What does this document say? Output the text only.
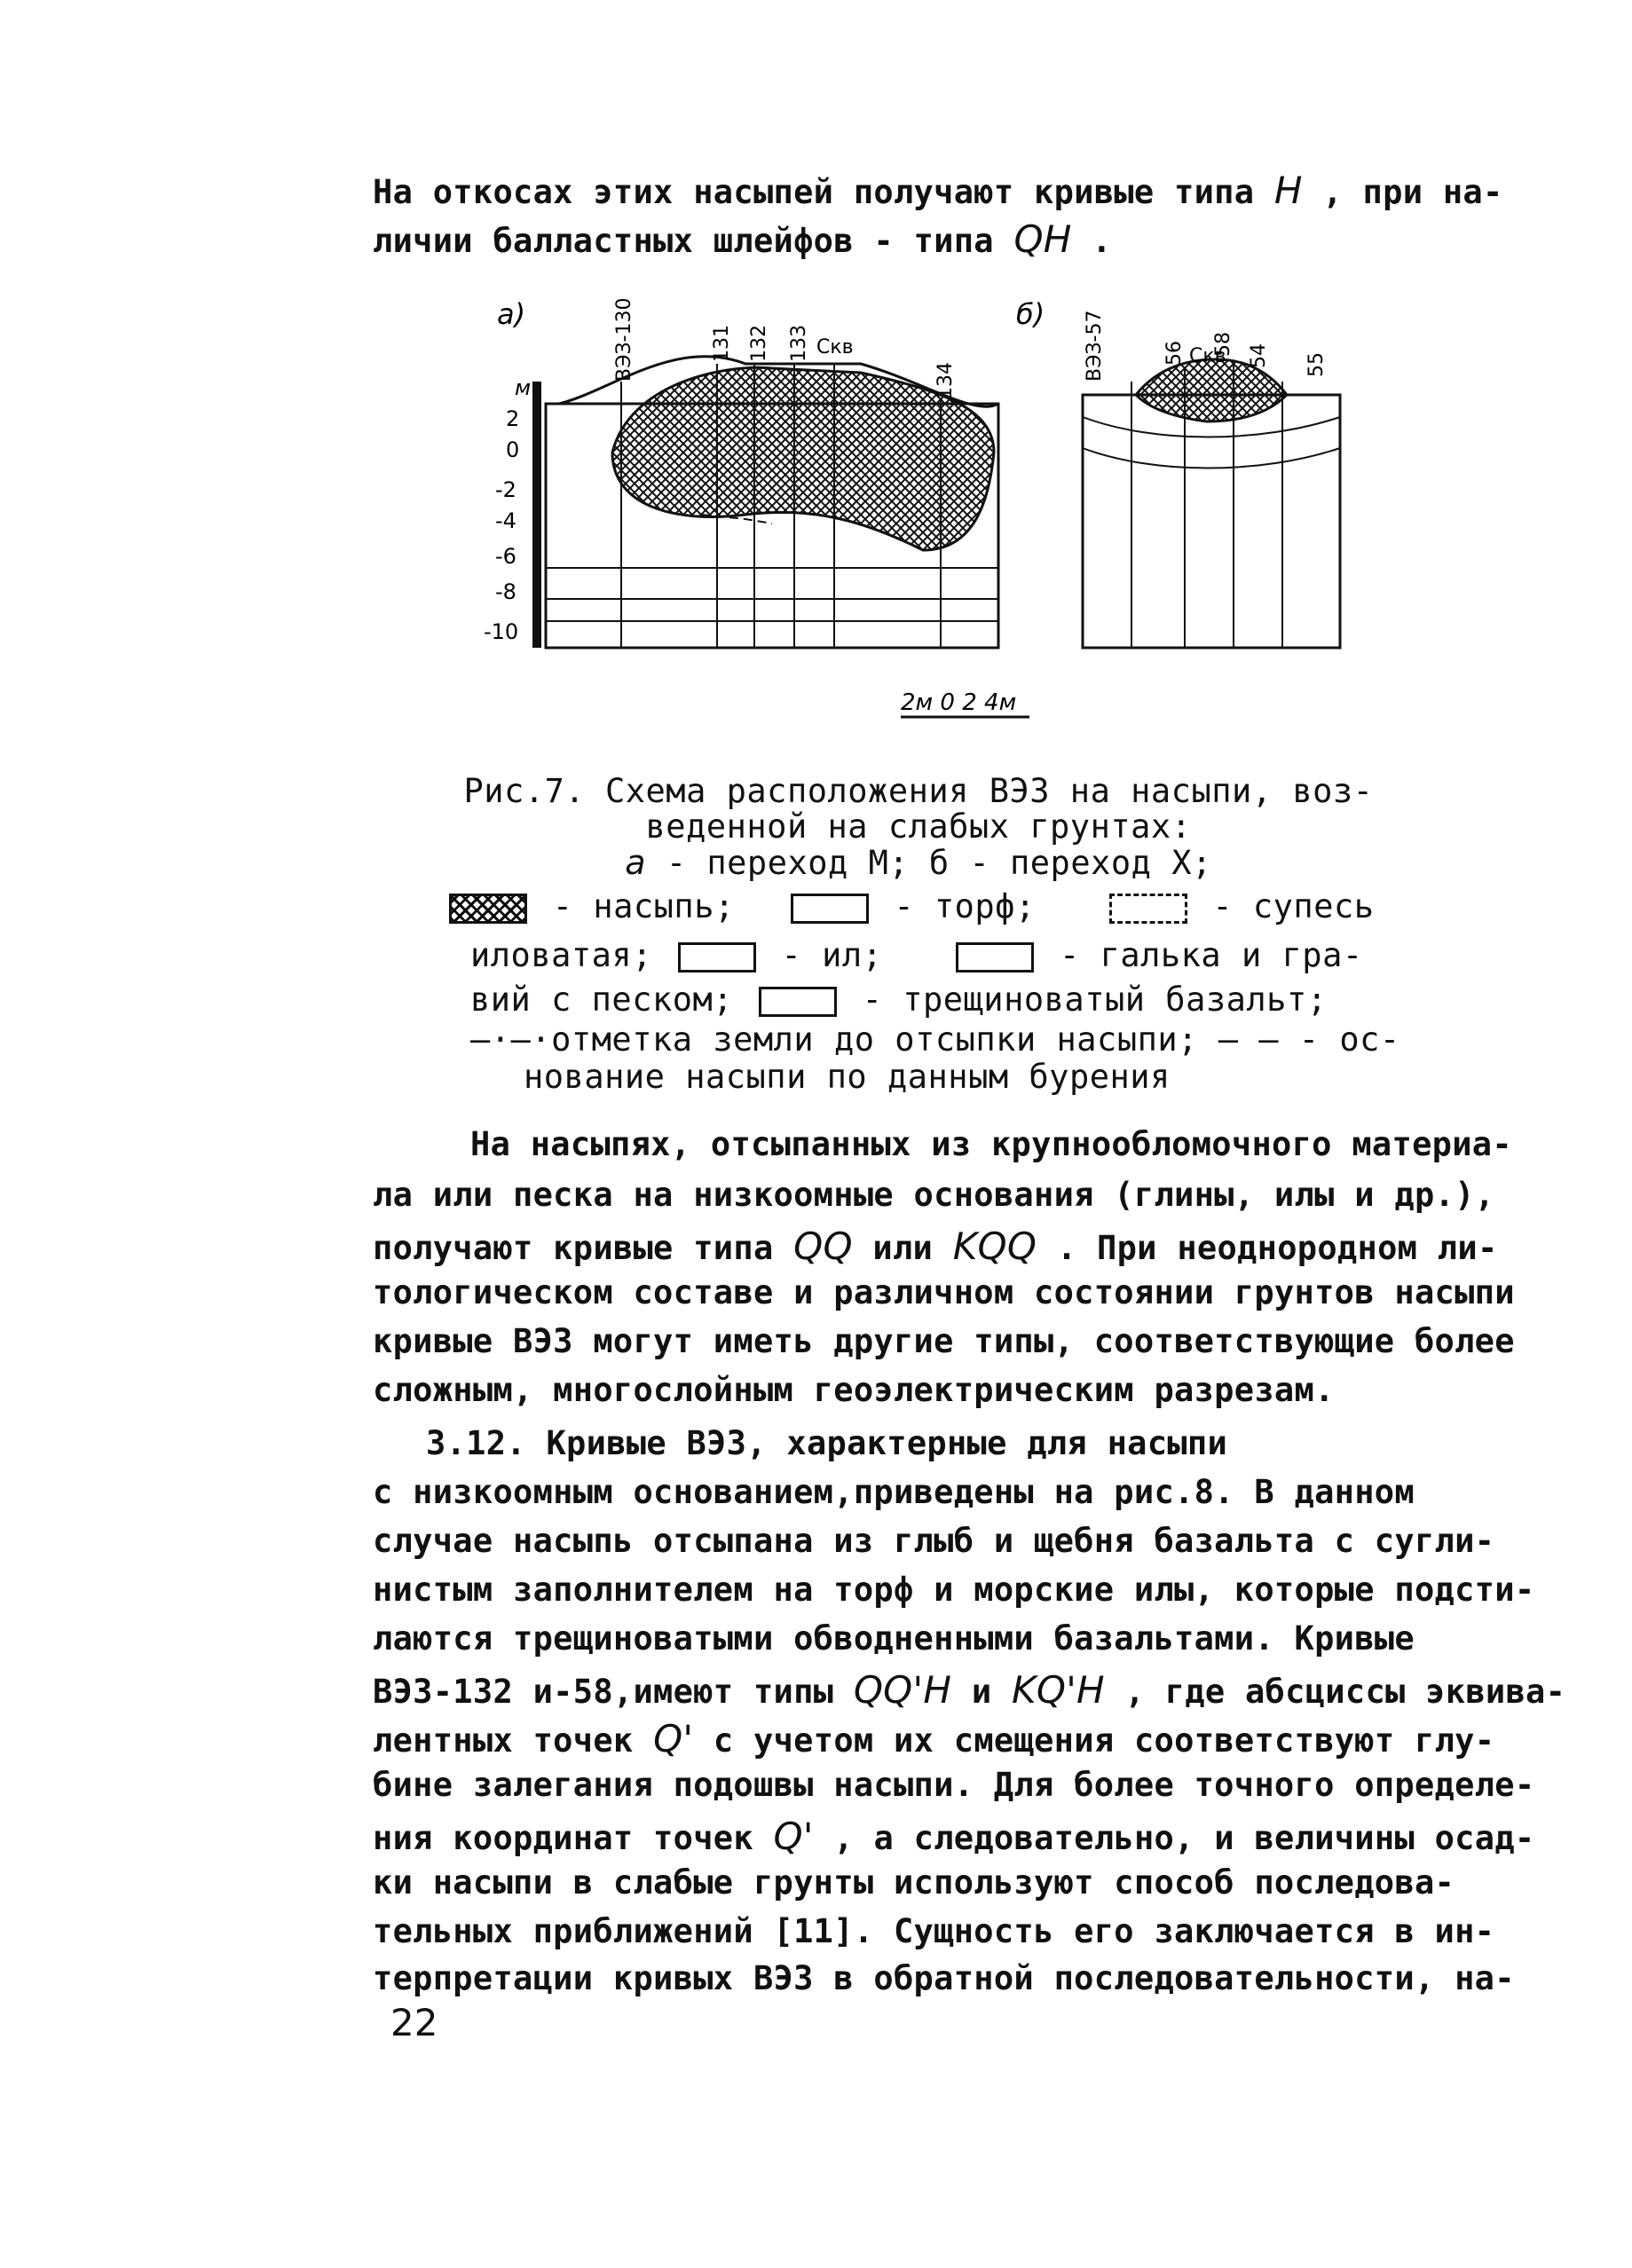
На откосах этих насыпей получают кривые типа H , при на-
личии балластных шлейфов - типа QH .
а)	б)
м
2
0
-2
-4
-6
-8
-10
ВЭЗ-130	131 132 133 Скв
134	ВЭЗ-57	56 Скв
58 54 55
2м 0 2 4м
Рис.7. Схема расположения ВЭЗ на насыпи, воз-
веденной на слабых грунтах:
а - переход М; б - переход Х;
- насыпь;	- торф;	- супесь
иловатая;	- ил;	- галька и гра-
вий с песком;	- трещиноватый базальт;
—·—·отметка земли до отсыпки насыпи; — — - ос-
нование насыпи по данным бурения
На насыпях, отсыпанных из крупнообломочного материа-
ла или песка на низкоомные основания (глины, илы и др.),
получают кривые типа QQ или KQQ . При неоднородном ли-
тологическом составе и различном состоянии грунтов насыпи
кривые ВЭЗ могут иметь другие типы, соответствующие более
сложным, многослойным геоэлектрическим разрезам.
3.12. Кривые ВЭЗ, характерные для насыпи
с низкоомным основанием,приведены на рис.8. В данном
случае насыпь отсыпана из глыб и щебня базальта с сугли-
нистым заполнителем на торф и морские илы, которые подсти-
лаются трещиноватыми обводненными базальтами. Кривые
ВЭЗ-132 и-58,имеют типы QQ'H и KQ'H , где абсциссы эквива-
лентных точек Q' с учетом их смещения соответствуют глу-
бине залегания подошвы насыпи. Для более точного определе-
ния координат точек Q' , а следовательно, и величины осад-
ки насыпи в слабые грунты используют способ последова-
тельных приближений [11]. Сущность его заключается в ин-
терпретации кривых ВЭЗ в обратной последовательности, на-
22
